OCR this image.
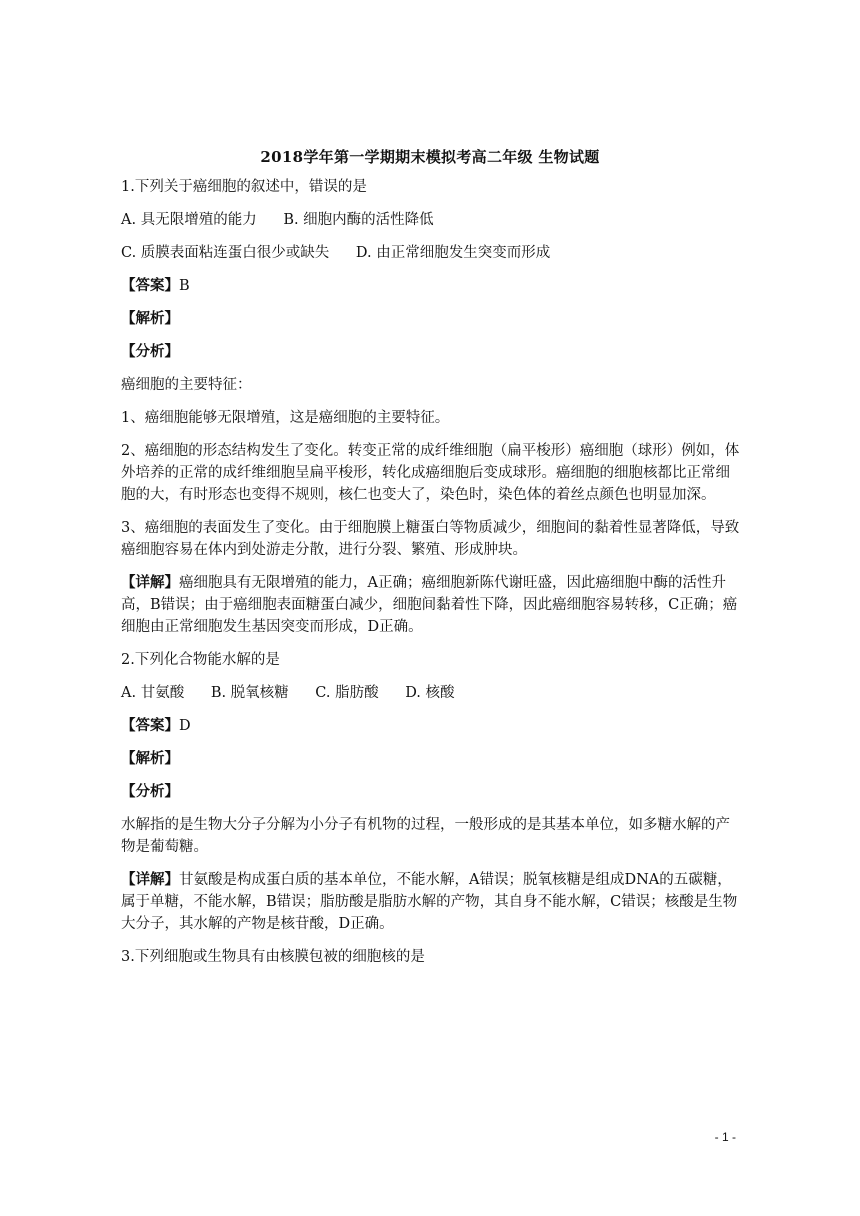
2018学年第一学期期末模拟考高二年级 生物试题

1.下列关于癌细胞的叙述中，错误的是

A. 具无限增殖的能力 B. 细胞内酶的活性降低
C. 质膜表面粘连蛋白很少或缺失 D. 由正常细胞发生突变而形成

【答案】B

【解析】

【分析】

癌细胞的主要特征：

1、癌细胞能够无限增殖，这是癌细胞的主要特征。

2、癌细胞的形态结构发生了变化。转变正常的成纤维细胞（扁平梭形）癌细胞（球形）例如，体外培养的正常的成纤维细胞呈扁平梭形，转化成癌细胞后变成球形。癌细胞的细胞核都比正常细胞的大，有时形态也变得不规则，核仁也变大了，染色时，染色体的着丝点颜色也明显加深。

3、癌细胞的表面发生了变化。由于细胞膜上糖蛋白等物质减少，细胞间的黏着性显著降低，导致癌细胞容易在体内到处游走分散，进行分裂、繁殖、形成肿块。

【详解】癌细胞具有无限增殖的能力，A正确；癌细胞新陈代谢旺盛，因此癌细胞中酶的活性升高，B错误；由于癌细胞表面糖蛋白减少，细胞间黏着性下降，因此癌细胞容易转移，C正确；癌细胞由正常细胞发生基因突变而形成，D正确。

2.下列化合物能水解的是

A. 甘氨酸 B. 脱氧核糖 C. 脂肪酸 D. 核酸

【答案】D

【解析】

【分析】

水解指的是生物大分子分解为小分子有机物的过程，一般形成的是其基本单位，如多糖水解的产物是葡萄糖。

【详解】甘氨酸是构成蛋白质的基本单位，不能水解，A错误；脱氧核糖是组成DNA的五碳糖，属于单糖，不能水解，B错误；脂肪酸是脂肪水解的产物，其自身不能水解，C错误；核酸是生物大分子，其水解的产物是核苷酸，D正确。

3.下列细胞或生物具有由核膜包被的细胞核的是

- 1 -
